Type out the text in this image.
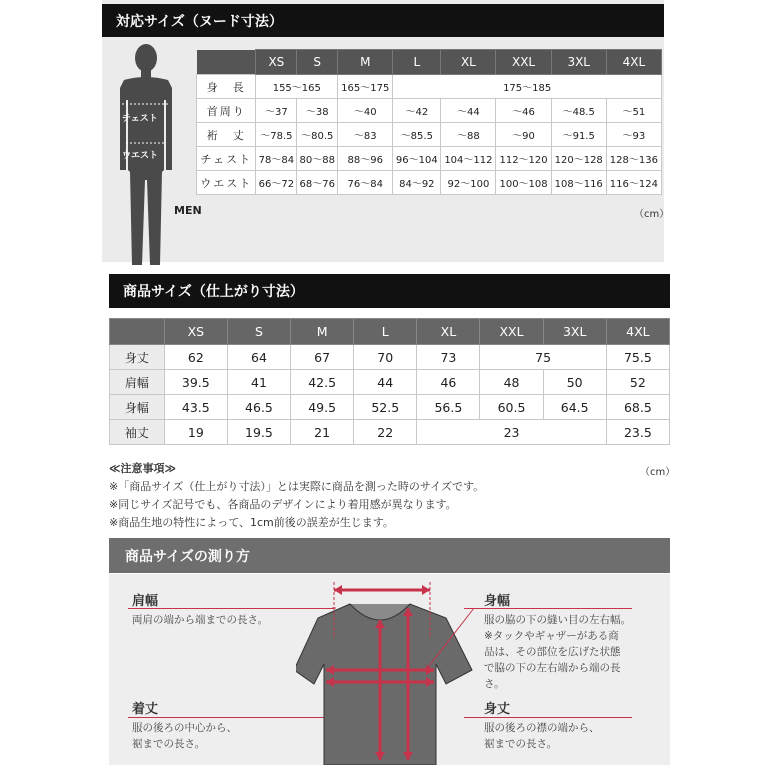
対応サイズ（ヌード寸法）
チェスト
ウエスト
MEN
	XS	S	M	L	XL	XXL	3XL	4XL
身　長	155〜165		165〜175	175〜185				
首周り	〜37	〜38	〜40	〜42	〜44	〜46	〜48.5	〜51
裄　丈	〜78.5	〜80.5	〜83	〜85.5	〜88	〜90	〜91.5	〜93
チェスト	78〜84	80〜88	88〜96	96〜104	104〜112	112〜120	120〜128	128〜136
ウエスト	66〜72	68〜76	76〜84	84〜92	92〜100	100〜108	108〜116	116〜124
（cm）
商品サイズ（仕上がり寸法）
	XS	S	M	L	XL	XXL	3XL	4XL
身丈	62	64	67	70	73	75		75.5
肩幅	39.5	41	42.5	44	46	48	50	52
身幅	43.5	46.5	49.5	52.5	56.5	60.5	64.5	68.5
袖丈	19	19.5	21	22	23			23.5
≪注意事項≫
※「商品サイズ（仕上がり寸法）」とは実際に商品を測った時のサイズです。
※同じサイズ記号でも、各商品のデザインにより着用感が異なります。
※商品生地の特性によって、1cm前後の誤差が生じます。
（cm）
商品サイズの測り方
肩幅
両肩の端から端までの長さ。
身幅
服の脇の下の縫い目の左右幅。
※タックやギャザーがある商
品は、その部位を広げた状態
で脇の下の左右端から端の長
さ。
着丈
服の後ろの中心から、
裾までの長さ。
身丈
服の後ろの襟の端から、
裾までの長さ。
